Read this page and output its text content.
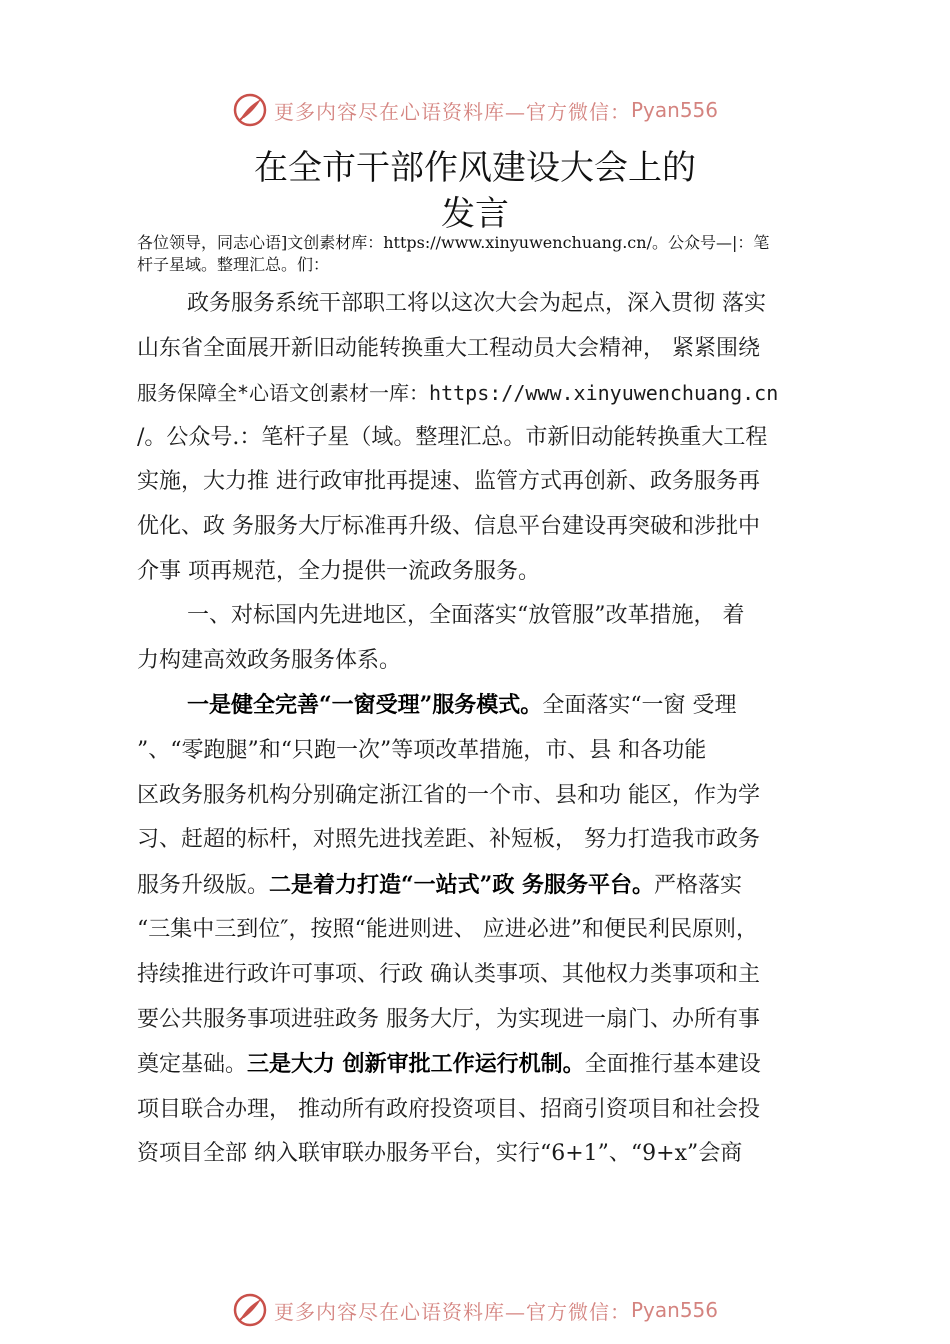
更多内容尽在心语资料库—官方微信： Pyan556
在全市干部作风建设大会上的
发言
各位领导，同志心语]文创素材库：https://www.xinyuwenchuang.cn/。公众号—|：笔
杆子星域。整理汇总。们：
政务服务系统干部职工将以这次大会为起点，深入贯彻 落实
山东省全面展开新旧动能转换重大工程动员大会精神， 紧紧围绕
服务保障全*心语文创素材一库：https://www.xinyuwenchuang.cn
/。公众号.：笔杆子星（域。整理汇总。市新旧动能转换重大工程
实施，大力推 进行政审批再提速、监管方式再创新、政务服务再
优化、政 务服务大厅标准再升级、信息平台建设再突破和涉批中
介事 项再规范，全力提供一流政务服务。
一、对标国内先进地区，全面落实“放管服”改革措施， 着
力构建高效政务服务体系。
一是健全完善“一窗受理”服务模式。全面落实“一窗 受理
”、“零跑腿”和“只跑一次”等项改革措施，市、县 和各功能
区政务服务机构分别确定浙江省的一个市、县和功 能区，作为学
习、赶超的标杆，对照先进找差距、补短板， 努力打造我市政务
服务升级版。二是着力打造“一站式”政 务服务平台。严格落实
“三集中三到位″，按照“能进则进、 应进必进”和便民利民原则，
持续推进行政许可事项、行政 确认类事项、其他权力类事项和主
要公共服务事项进驻政务 服务大厅，为实现进一扇门、办所有事
奠定基础。三是大力 创新审批工作运行机制。全面推行基本建设
项目联合办理， 推动所有政府投资项目、招商引资项目和社会投
资项目全部 纳入联审联办服务平台，实行“6+1”、“9+x”会商
更多内容尽在心语资料库—官方微信： Pyan556
